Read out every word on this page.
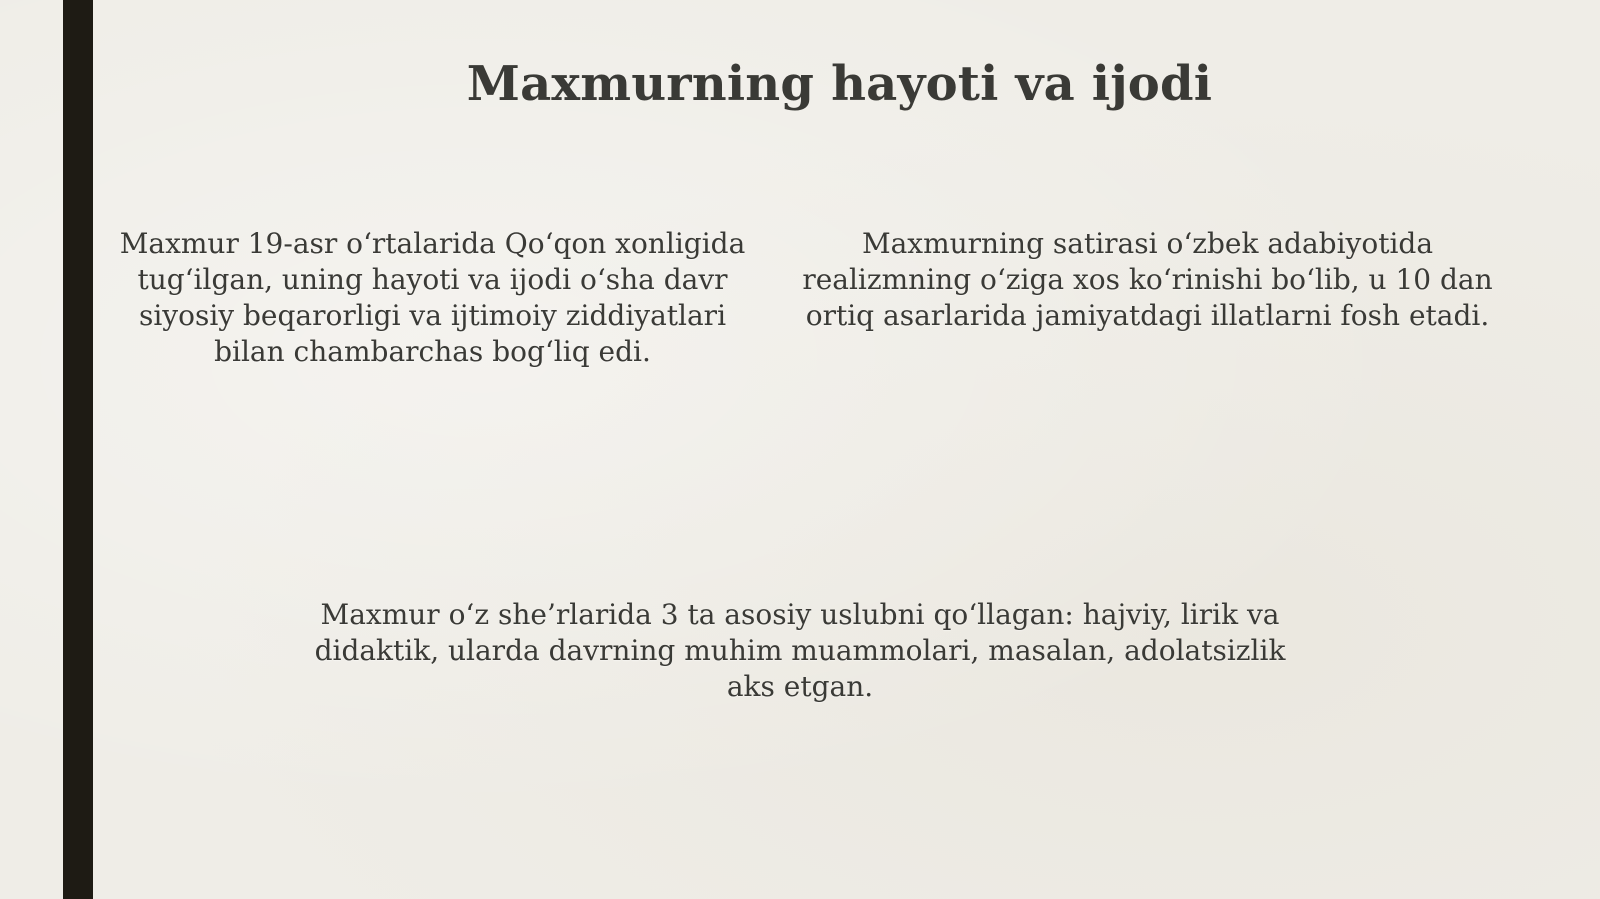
Maxmurning hayoti va ijodi

Maxmur 19-asr o‘rtalarida Qo‘qon xonligida tug‘ilgan, uning hayoti va ijodi o‘sha davr siyosiy beqarorligi va ijtimoiy ziddiyatlari bilan chambarchas bog‘liq edi.

Maxmurning satirasi o‘zbek adabiyotida realizmning o‘ziga xos ko‘rinishi bo‘lib, u 10 dan ortiq asarlarida jamiyatdagi illatlarni fosh etadi.

Maxmur o‘z she’rlarida 3 ta asosiy uslubni qo‘llagan: hajviy, lirik va didaktik, ularda davrning muhim muammolari, masalan, adolatsizlik aks etgan.
